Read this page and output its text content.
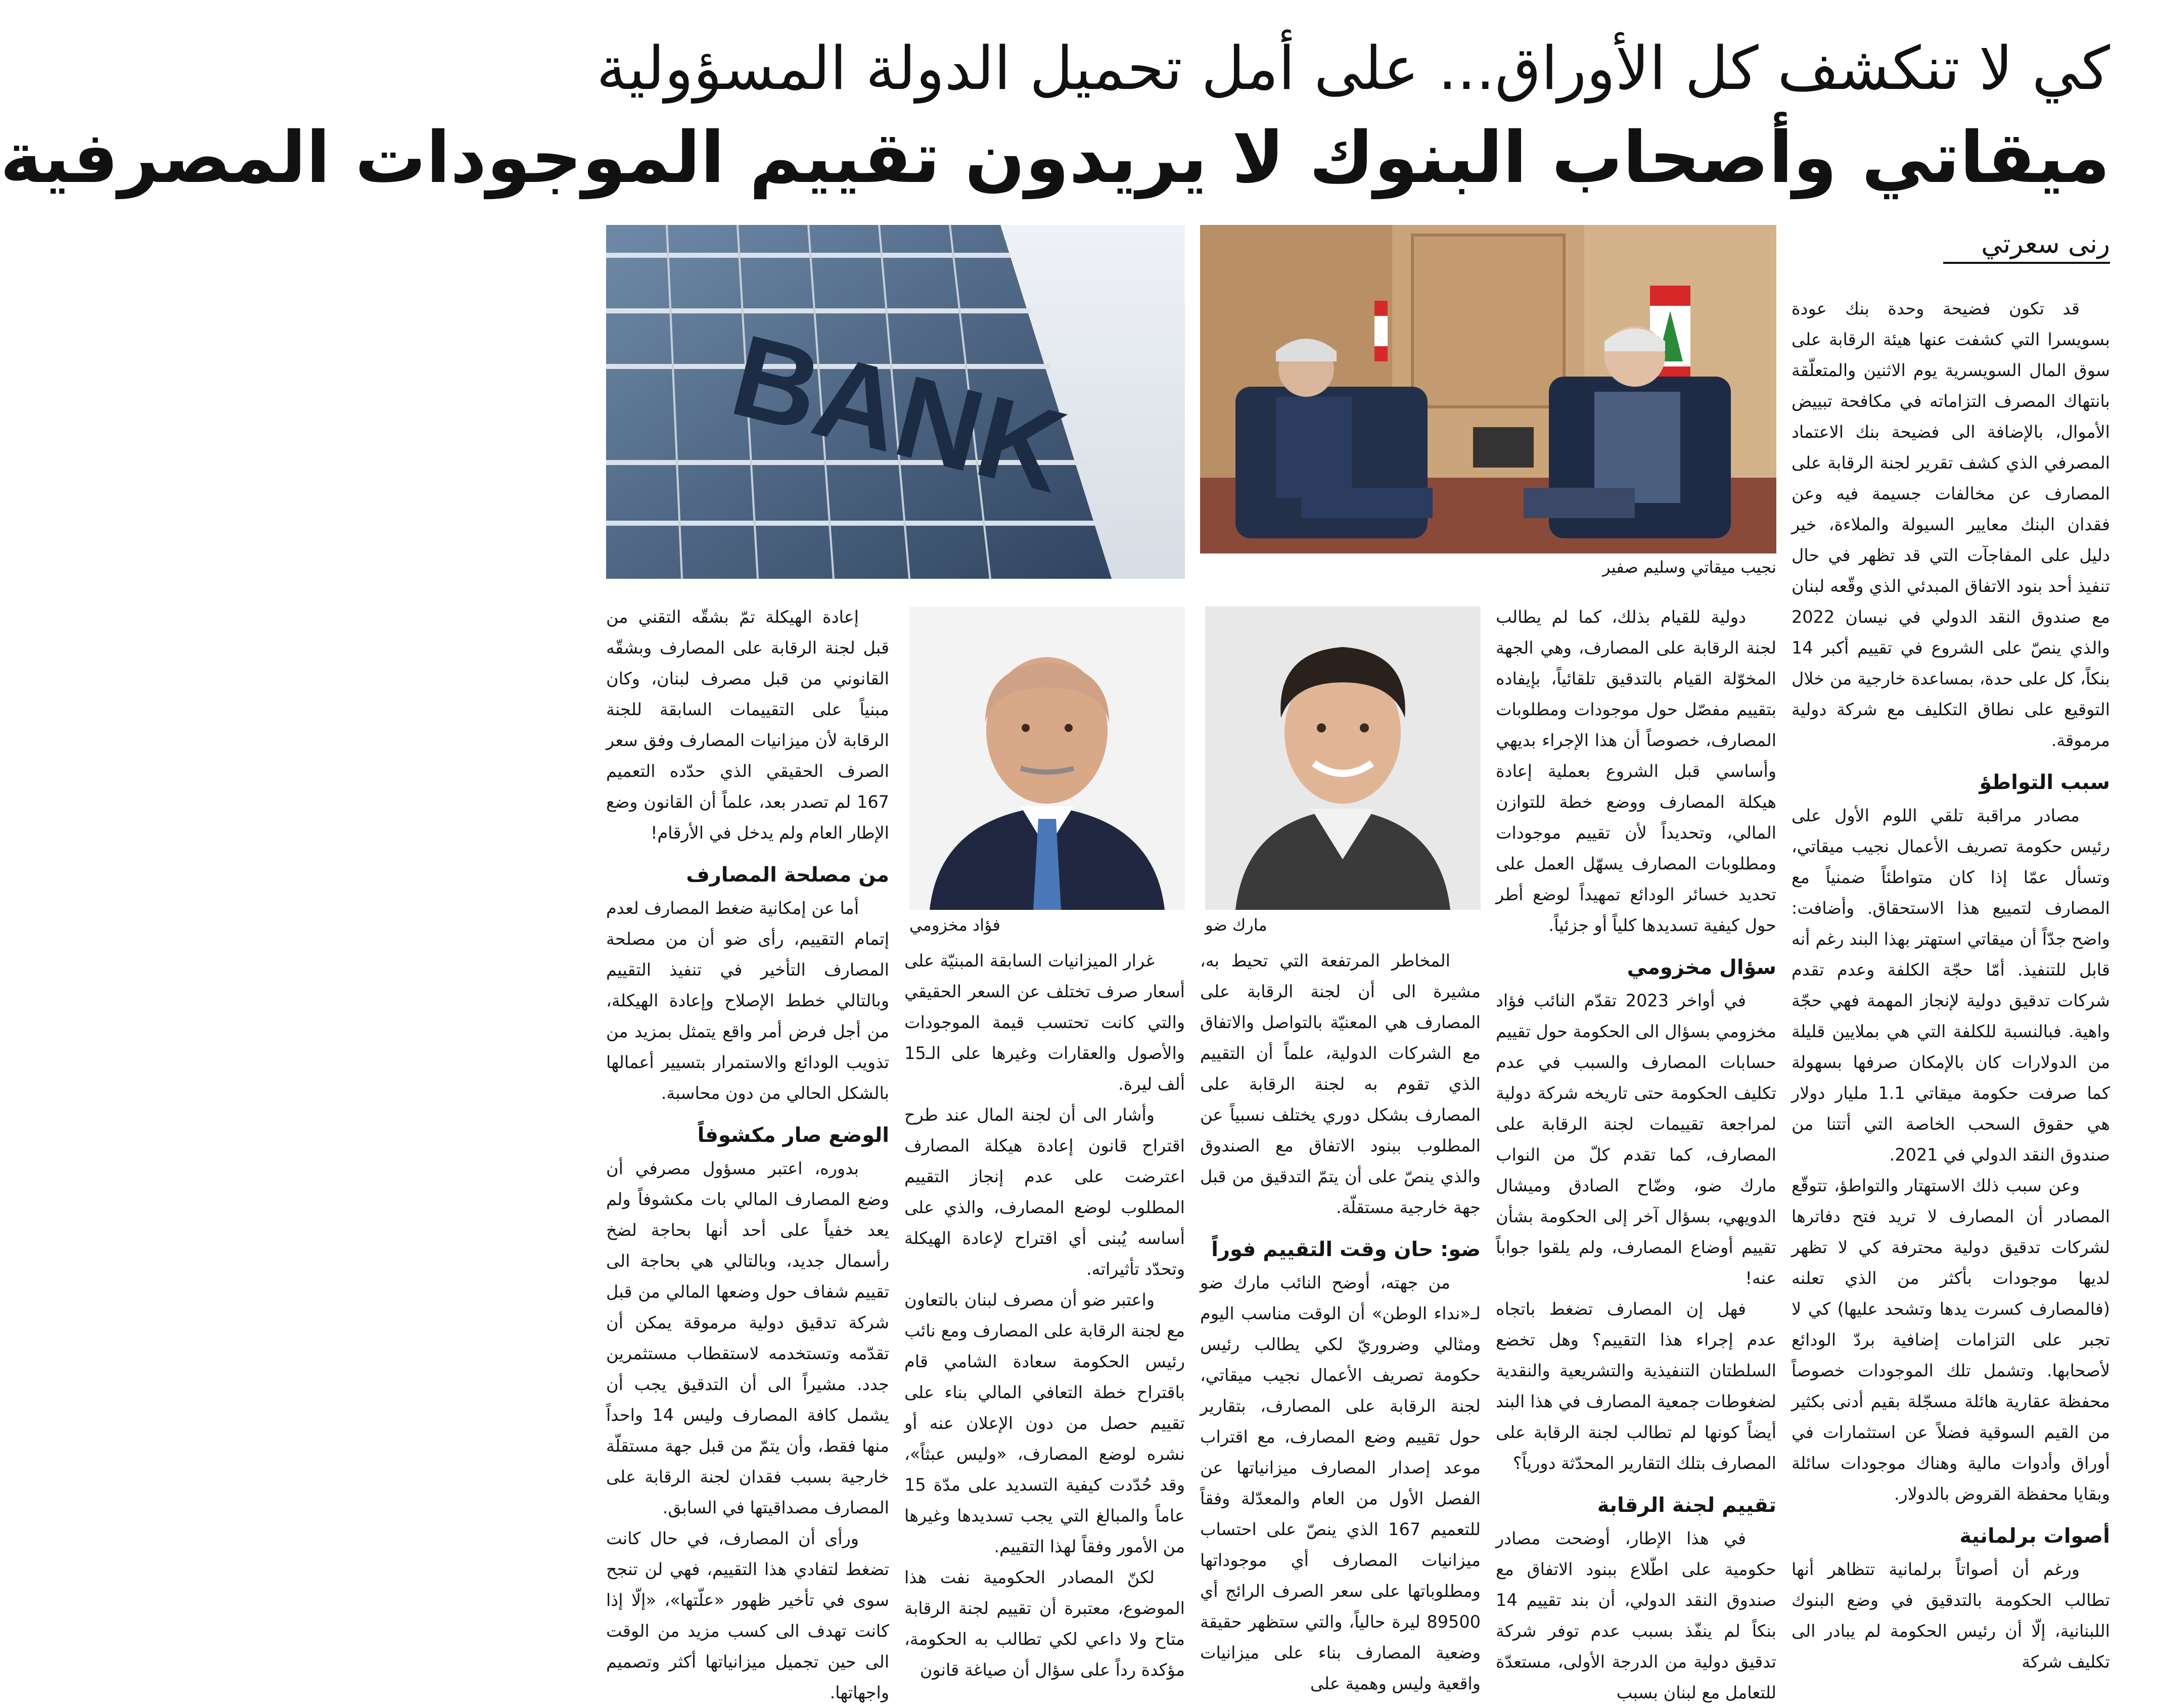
كي لا تنكشف كل الأوراق... على أمل تحميل الدولة المسؤولية
ميقاتي وأصحاب البنوك لا يريدون تقييم الموجودات المصرفية
رنى سعرتي
نجيب ميقاتي وسليم صفير
BANK
مارك ضو
فؤاد مخزومي

قد تكون فضيحة وحدة بنك عودة بسويسرا التي كشفت عنها هيئة الرقابة على سوق المال السويسرية يوم الاثنين والمتعلّقة بانتهاك المصرف التزاماته في مكافحة تبييض الأموال، بالإضافة الى فضيحة بنك الاعتماد المصرفي الذي كشف تقرير لجنة الرقابة على المصارف عن مخالفات جسيمة فيه وعن فقدان البنك معايير السيولة والملاءة، خير دليل على المفاجآت التي قد تظهر في حال تنفيذ أحد بنود الاتفاق المبدئي الذي وقّعه لبنان مع صندوق النقد الدولي في نيسان 2022 والذي ينصّ على الشروع في تقييم أكبر 14 بنكاً، كل على حدة، بمساعدة خارجية من خلال التوقيع على نطاق التكليف مع شركة دولية مرموقة.

سبب التواطؤ

مصادر مراقبة تلقي اللوم الأول على رئيس حكومة تصريف الأعمال نجيب ميقاتي، وتسأل عمّا إذا كان متواطئاً ضمنياً مع المصارف لتمييع هذا الاستحقاق. وأضافت: واضح جدّاً أن ميقاتي استهتر بهذا البند رغم أنه قابل للتنفيذ. أمّا حجّة الكلفة وعدم تقدم شركات تدقيق دولية لإنجاز المهمة فهي حجّة واهية. فبالنسبة للكلفة التي هي بملايين قليلة من الدولارات كان بالإمكان صرفها بسهولة كما صرفت حكومة ميقاتي 1.1 مليار دولار هي حقوق السحب الخاصة التي أتتنا من صندوق النقد الدولي في 2021.

وعن سبب ذلك الاستهتار والتواطؤ، تتوقّع المصادر أن المصارف لا تريد فتح دفاترها لشركات تدقيق دولية محترفة كي لا تظهر لديها موجودات بأكثر من الذي تعلنه (فالمصارف كسرت يدها وتشحد عليها) كي لا تجبر على التزامات إضافية بردّ الودائع لأصحابها. وتشمل تلك الموجودات خصوصاً محفظة عقارية هائلة مسجّلة بقيم أدنى بكثير من القيم السوقية فضلاً عن استثمارات في أوراق وأدوات مالية وهناك موجودات سائلة وبقايا محفظة القروض بالدولار.

أصوات برلمانية

ورغم أن أصواتاً برلمانية تتظاهر أنها تطالب الحكومة بالتدقيق في وضع البنوك اللبنانية، إلّا أن رئيس الحكومة لم يبادر الى تكليف شركة

دولية للقيام بذلك، كما لم يطالب لجنة الرقابة على المصارف، وهي الجهة المخوّلة القيام بالتدقيق تلقائياً، بإيفاده بتقييم مفصّل حول موجودات ومطلوبات المصارف، خصوصاً أن هذا الإجراء بديهي وأساسي قبل الشروع بعملية إعادة هيكلة المصارف ووضع خطة للتوازن المالي، وتحديداً لأن تقييم موجودات ومطلوبات المصارف يسهّل العمل على تحديد خسائر الودائع تمهيداً لوضع أطر حول كيفية تسديدها كلياً أو جزئياً.

سؤال مخزومي

في أواخر 2023 تقدّم النائب فؤاد مخزومي بسؤال الى الحكومة حول تقييم حسابات المصارف والسبب في عدم تكليف الحكومة حتى تاريخه شركة دولية لمراجعة تقييمات لجنة الرقابة على المصارف، كما تقدم كلّ من النواب مارك ضو، وضّاح الصادق وميشال الدويهي، بسؤال آخر إلى الحكومة بشأن تقييم أوضاع المصارف، ولم يلقوا جواباً عنه!

فهل إن المصارف تضغط باتجاه عدم إجراء هذا التقييم؟ وهل تخضع السلطتان التنفيذية والتشريعية والنقدية لضغوطات جمعية المصارف في هذا البند أيضاً كونها لم تطالب لجنة الرقابة على المصارف بتلك التقارير المحدّثة دورياً؟

تقييم لجنة الرقابة

في هذا الإطار، أوضحت مصادر حكومية على اطّلاع ببنود الاتفاق مع صندوق النقد الدولي، أن بند تقييم 14 بنكاً لم ينفّذ بسبب عدم توفر شركة تدقيق دولية من الدرجة الأولى، مستعدّة للتعامل مع لبنان بسبب

المخاطر المرتفعة التي تحيط به، مشيرة الى أن لجنة الرقابة على المصارف هي المعنيّة بالتواصل والاتفاق مع الشركات الدولية، علماً أن التقييم الذي تقوم به لجنة الرقابة على المصارف بشكل دوري يختلف نسبياً عن المطلوب ببنود الاتفاق مع الصندوق والذي ينصّ على أن يتمّ التدقيق من قبل جهة خارجية مستقلّة.

ضو: حان وقت التقييم فوراً

من جهته، أوضح النائب مارك ضو لـ«نداء الوطن» أن الوقت مناسب اليوم ومثالي وضروريّ لكي يطالب رئيس حكومة تصريف الأعمال نجيب ميقاتي، لجنة الرقابة على المصارف، بتقارير حول تقييم وضع المصارف، مع اقتراب موعد إصدار المصارف ميزانياتها عن الفصل الأول من العام والمعدّلة وفقاً للتعميم 167 الذي ينصّ على احتساب ميزانيات المصارف أي موجوداتها ومطلوباتها على سعر الصرف الرائج أي 89500 ليرة حالياً، والتي ستظهر حقيقة وضعية المصارف بناء على ميزانيات واقعية وليس وهمية على

غرار الميزانيات السابقة المبنيّة على أسعار صرف تختلف عن السعر الحقيقي والتي كانت تحتسب قيمة الموجودات والأصول والعقارات وغيرها على الـ15 ألف ليرة.

وأشار الى أن لجنة المال عند طرح اقتراح قانون إعادة هيكلة المصارف اعترضت على عدم إنجاز التقييم المطلوب لوضع المصارف، والذي على أساسه يُبنى أي اقتراح لإعادة الهيكلة وتحدّد تأثيراته.

واعتبر ضو أن مصرف لبنان بالتعاون مع لجنة الرقابة على المصارف ومع نائب رئيس الحكومة سعادة الشامي قام باقتراح خطة التعافي المالي بناء على تقييم حصل من دون الإعلان عنه أو نشره لوضع المصارف، «وليس عبثاً»، وقد حُدّدت كيفية التسديد على مدّة 15 عاماً والمبالغ التي يجب تسديدها وغيرها من الأمور وفقاً لهذا التقييم.

لكنّ المصادر الحكومية نفت هذا الموضوع، معتبرة أن تقييم لجنة الرقابة متاح ولا داعي لكي تطالب به الحكومة، مؤكدة رداً على سؤال أن صياغة قانون

إعادة الهيكلة تمّ بشقّه التقني من قبل لجنة الرقابة على المصارف وبشقّه القانوني من قبل مصرف لبنان، وكان مبنياً على التقييمات السابقة للجنة الرقابة لأن ميزانيات المصارف وفق سعر الصرف الحقيقي الذي حدّده التعميم 167 لم تصدر بعد، علماً أن القانون وضع الإطار العام ولم يدخل في الأرقام!

من مصلحة المصارف

أما عن إمكانية ضغط المصارف لعدم إتمام التقييم، رأى ضو أن من مصلحة المصارف التأخير في تنفيذ التقييم وبالتالي خطط الإصلاح وإعادة الهيكلة، من أجل فرض أمر واقع يتمثل بمزيد من تذويب الودائع والاستمرار بتسيير أعمالها بالشكل الحالي من دون محاسبة.

الوضع صار مكشوفاً

بدوره، اعتبر مسؤول مصرفي أن وضع المصارف المالي بات مكشوفاً ولم يعد خفياً على أحد أنها بحاجة لضخ رأسمال جديد، وبالتالي هي بحاجة الى تقييم شفاف حول وضعها المالي من قبل شركة تدقيق دولية مرموقة يمكن أن تقدّمه وتستخدمه لاستقطاب مستثمرين جدد. مشيراً الى أن التدقيق يجب أن يشمل كافة المصارف وليس 14 واحداً منها فقط، وأن يتمّ من قبل جهة مستقلّة خارجية بسبب فقدان لجنة الرقابة على المصارف مصداقيتها في السابق.

ورأى أن المصارف، في حال كانت تضغط لتفادي هذا التقييم، فهي لن تنجح سوى في تأخير ظهور «علّتها»، «إلّا إذا كانت تهدف الى كسب مزيد من الوقت الى حين تجميل ميزانياتها أكثر وتصميم واجهاتها.
